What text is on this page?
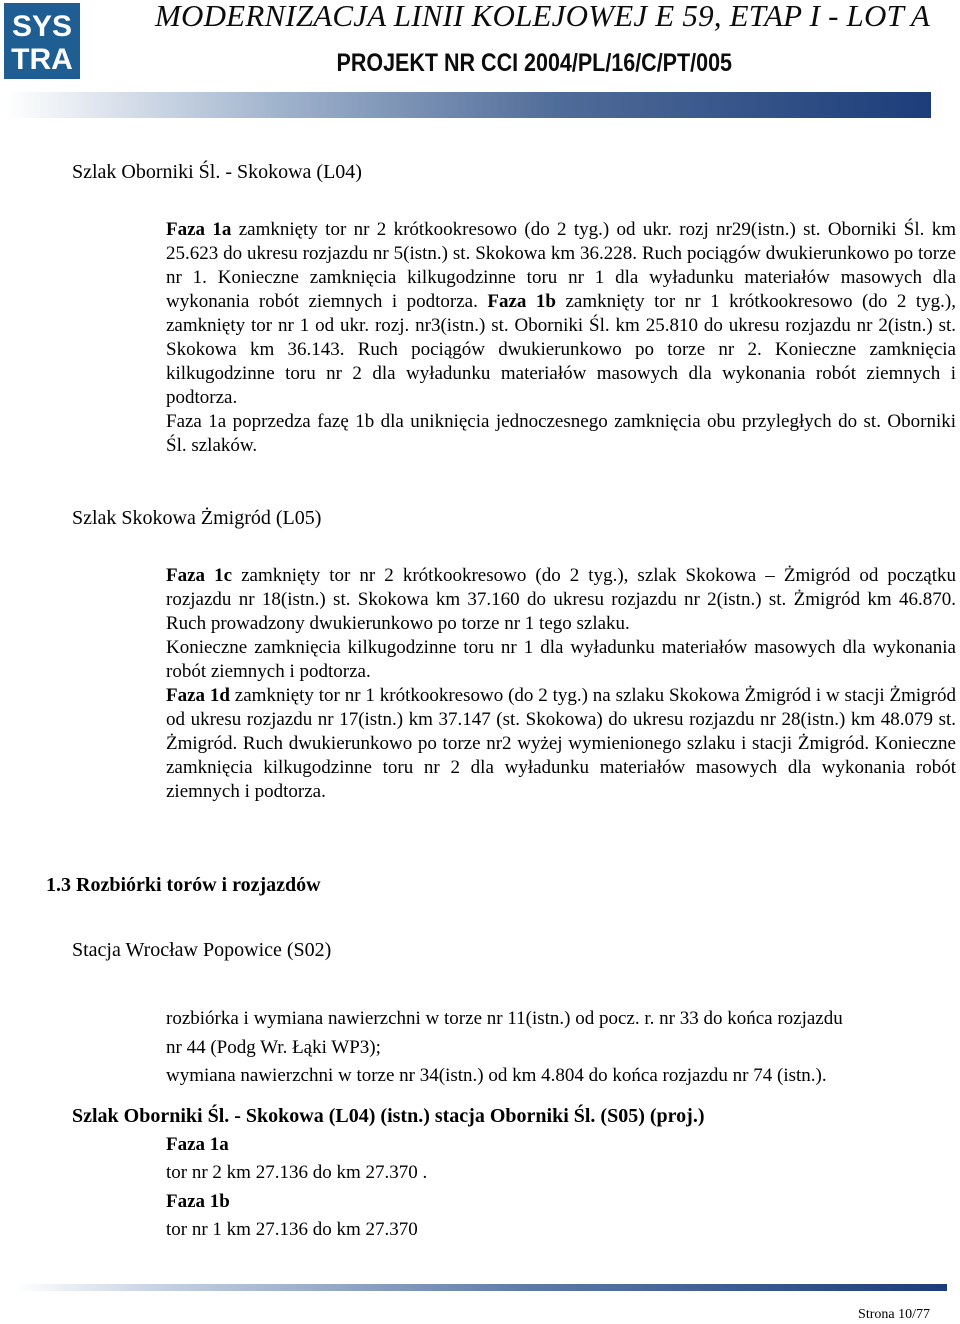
SYS
TRA
MODERNIZACJA LINII KOLEJOWEJ E 59, ETAP I - LOT A
PROJEKT NR CCI 2004/PL/16/C/PT/005
Szlak Oborniki Śl. - Skokowa (L04)

Faza 1a zamknięty tor nr 2 krótkookresowo (do 2 tyg.) od ukr. rozj nr29(istn.) st. Oborniki Śl. km 25.623 do ukresu rozjazdu nr 5(istn.) st. Skokowa km 36.228. Ruch pociągów dwukierunkowo po torze nr 1. Konieczne zamknięcia kilkugodzinne toru nr 1 dla wyładunku materiałów masowych dla wykonania robót ziemnych i podtorza. Faza 1b zamknięty tor nr 1 krótkookresowo (do 2 tyg.), zamknięty tor nr 1 od ukr. rozj. nr3(istn.) st. Oborniki Śl. km 25.810 do ukresu rozjazdu nr 2(istn.) st. Skokowa km 36.143. Ruch pociągów dwukierunkowo po torze nr 2. Konieczne zamknięcia kilkugodzinne toru nr 2 dla wyładunku materiałów masowych dla wykonania robót ziemnych i podtorza.

Faza 1a poprzedza fazę 1b dla uniknięcia jednoczesnego zamknięcia obu przyległych do st. Oborniki Śl. szlaków.

Szlak Skokowa Żmigród (L05)

Faza 1c zamknięty tor nr 2 krótkookresowo (do 2 tyg.), szlak Skokowa – Żmigród od początku rozjazdu nr 18(istn.) st. Skokowa km 37.160 do ukresu rozjazdu nr 2(istn.) st. Żmigród km 46.870. Ruch prowadzony dwukierunkowo po torze nr 1 tego szlaku.

Konieczne zamknięcia kilkugodzinne toru nr 1 dla wyładunku materiałów masowych dla wykonania robót ziemnych i podtorza.

Faza 1d zamknięty tor nr 1 krótkookresowo (do 2 tyg.) na szlaku Skokowa Żmigród i w stacji Żmigród od ukresu rozjazdu nr 17(istn.) km 37.147 (st. Skokowa) do ukresu rozjazdu nr 28(istn.) km 48.079 st. Żmigród. Ruch dwukierunkowo po torze nr2 wyżej wymienionego szlaku i stacji Żmigród. Konieczne zamknięcia kilkugodzinne toru nr 2 dla wyładunku materiałów masowych dla wykonania robót ziemnych i podtorza.

1.3 Rozbiórki torów i rozjazdów
Stacja Wrocław Popowice (S02)
rozbiórka i wymiana nawierzchni w torze nr 11(istn.) od pocz. r. nr 33 do końca rozjazdu
nr 44 (Podg Wr. Łąki WP3);
wymiana nawierzchni w torze nr 34(istn.) od km 4.804 do końca rozjazdu nr 74 (istn.).
Szlak Oborniki Śl. - Skokowa (L04) (istn.) stacja Oborniki Śl. (S05) (proj.)
Faza 1a
tor nr 2 km 27.136 do km 27.370 .
Faza 1b
tor nr 1 km 27.136 do km 27.370
Strona 10/77
